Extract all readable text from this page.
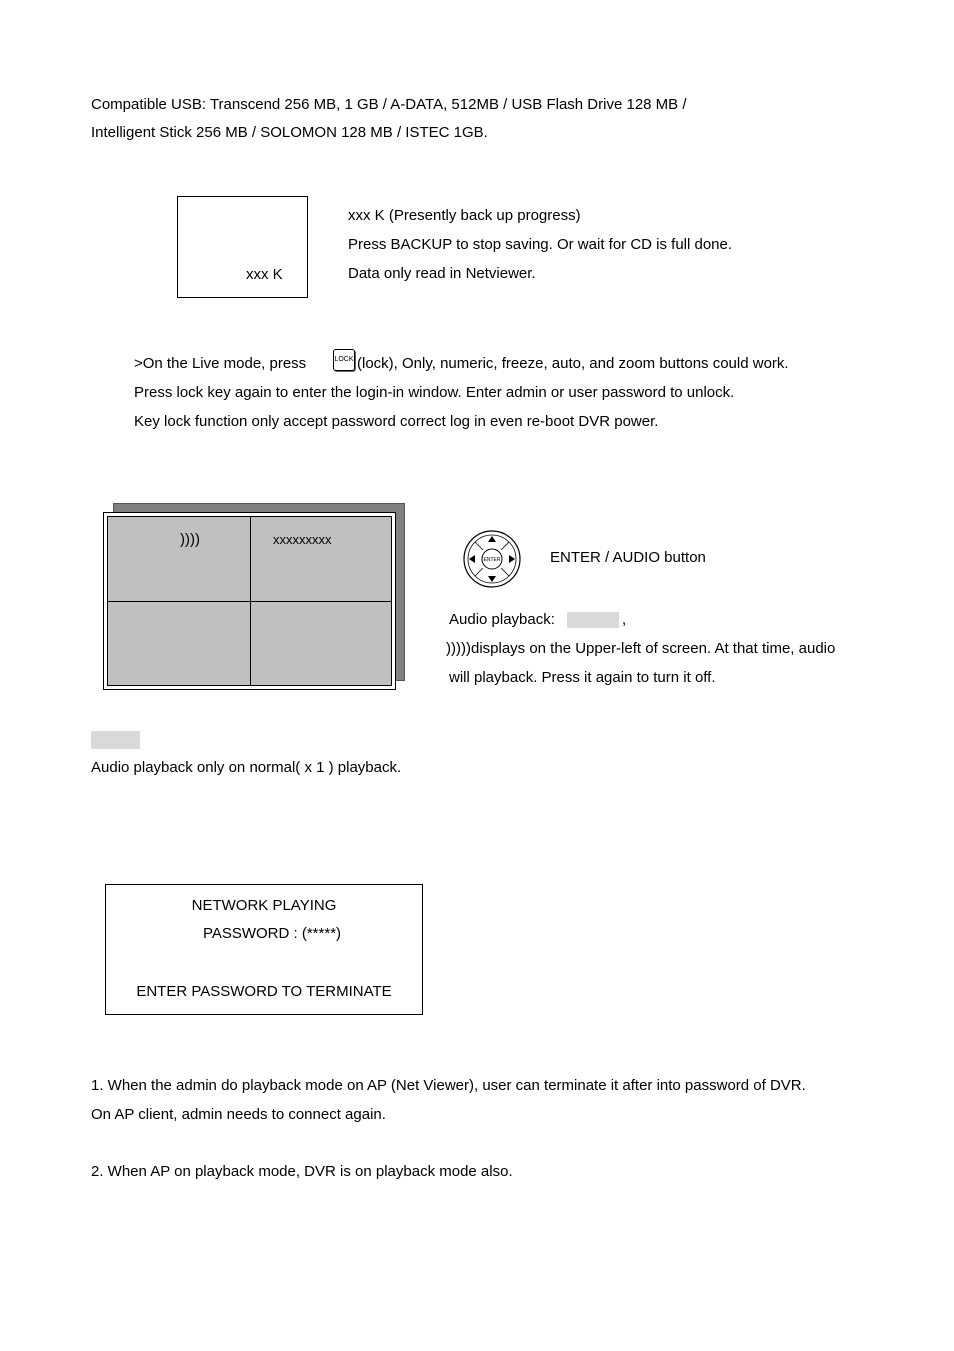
Compatible USB: Transcend 256 MB, 1 GB / A-DATA, 512MB / USB Flash Drive 128 MB /
Intelligent Stick 256 MB / SOLOMON 128 MB / ISTEC 1GB.
xxx K
xxx K (Presently back up progress)
Press BACKUP to stop saving. Or wait for CD is full done.
Data only read in Netviewer.
>On the Live mode, press	LOCK (lock), Only, numeric, freeze, auto, and zoom buttons could work.
Press lock key again to enter the login-in window. Enter admin or user password to unlock.
Key lock function only accept password correct log in even re-boot DVR power.
))))	xxxxxxxxx
ENTER	ENTER / AUDIO button
Audio playback:	,
)))))displays on the Upper-left of screen. At that time, audio
will playback. Press it again to turn it off.
Audio playback only on normal( x 1 ) playback.
NETWORK PLAYING
PASSWORD : (*****)
ENTER PASSWORD TO TERMINATE
1. When the admin do playback mode on AP (Net Viewer), user can terminate it after into password of DVR.
On AP client, admin needs to connect again.
2. When AP on playback mode, DVR is on playback mode also.
